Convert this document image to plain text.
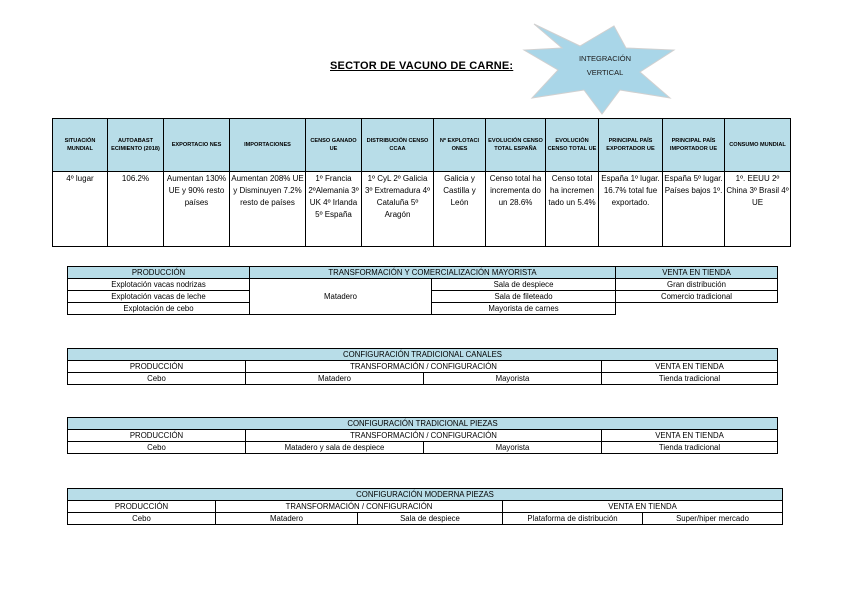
SECTOR DE VACUNO DE CARNE:
INTEGRACIÓN VERTICAL
SITUACIÓN MUNDIAL	AUTOABAST ECIMIENTO (2018)	EXPORTACIO NES	IMPORTACIONES	CENSO GANADO UE	DISTRIBUCIÓN CENSO CCAA	Nº EXPLOTACI ONES	EVOLUCIÓN CENSO TOTAL ESPAÑA	EVOLUCIÓN CENSO TOTAL UE	PRINCIPAL PAÍS EXPORTADOR UE	PRINCIPAL PAÍS IMPORTADOR UE	CONSUMO MUNDIAL
4º lugar	106.2%	Aumentan 130% UE y 90% resto países	Aumentan 208% UE y Disminuyen 7.2% resto de países	1º Francia 2ºAlemania 3º UK 4º Irlanda 5º España	1º CyL 2º Galicia 3º Extremadura 4º Cataluña 5º Aragón	Galicia y Castilla y León	Censo total ha incrementa do un 28.6%	Censo total ha incremen tado un 5.4%	España 1º lugar. 16.7% total fue exportado.	España 5º lugar. Países bajos 1º.	1º. EEUU 2º China 3º Brasil 4º UE
PRODUCCIÓN	TRANSFORMACIÓN Y COMERCIALIZACIÓN MAYORISTA		VENTA EN TIENDA
Explotación vacas nodrizas	Matadero	Sala de despiece	Gran distribución
Explotación vacas de leche		Sala de fileteado	Comercio tradicional
Explotación de cebo		Mayorista de carnes	
CONFIGURACIÓN TRADICIONAL CANALES			
PRODUCCIÓN	TRANSFORMACIÓN / CONFIGURACIÓN		VENTA EN TIENDA
Cebo	Matadero	Mayorista	Tienda tradicional
CONFIGURACIÓN TRADICIONAL PIEZAS			
PRODUCCIÓN	TRANSFORMACIÓN / CONFIGURACIÓN		VENTA EN TIENDA
Cebo	Matadero y sala de despiece	Mayorista	Tienda tradicional
CONFIGURACIÓN MODERNA PIEZAS				
PRODUCCIÓN	TRANSFORMACIÓN / CONFIGURACIÓN		VENTA EN TIENDA	
Cebo	Matadero	Sala de despiece	Plataforma de distribución	Super/hiper mercado
